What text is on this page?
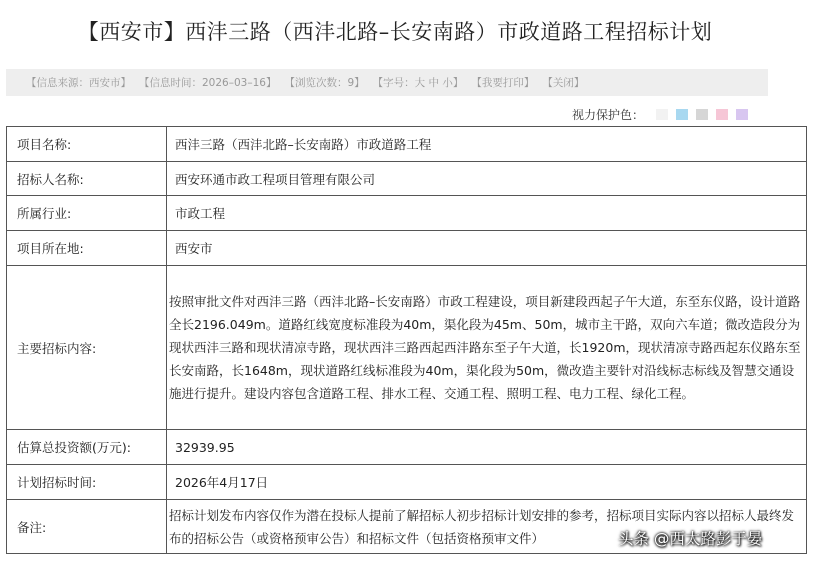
【西安市】西沣三路（西沣北路–长安南路）市政道路工程招标计划
【信息来源：西安市】 【信息时间：2026–03–16】 【浏览次数：9】 【字号：大 中 小】 【我要打印】 【关闭】
视力保护色：
项目名称:	西沣三路（西沣北路–长安南路）市政道路工程
招标人名称:	西安环通市政工程项目管理有限公司
所属行业:	市政工程
项目所在地:	西安市
主要招标内容:	按照审批文件对西沣三路（西沣北路–长安南路）市政工程建设，项目新建段西起子午大道，东至东仪路，设计道路全长2196.049m。道路红线宽度标准段为40m，渠化段为45m、50m，城市主干路，双向六车道；微改造段分为现状西沣三路和现状清凉寺路，现状西沣三路西起西沣路东至子午大道，长1920m，现状清凉寺路西起东仪路东至长安南路，长1648m，现状道路红线标准段为40m，渠化段为50m，微改造主要针对沿线标志标线及智慧交通设施进行提升。建设内容包含道路工程、排水工程、交通工程、照明工程、电力工程、绿化工程。
估算总投资额(万元):	32939.95
计划招标时间:	2026年4月17日
备注:	招标计划发布内容仅作为潜在投标人提前了解招标人初步招标计划安排的参考，招标项目实际内容以招标人最终发布的招标公告（或资格预审公告）和招标文件（包括资格预审文件）	头条 @西太路彭于晏
